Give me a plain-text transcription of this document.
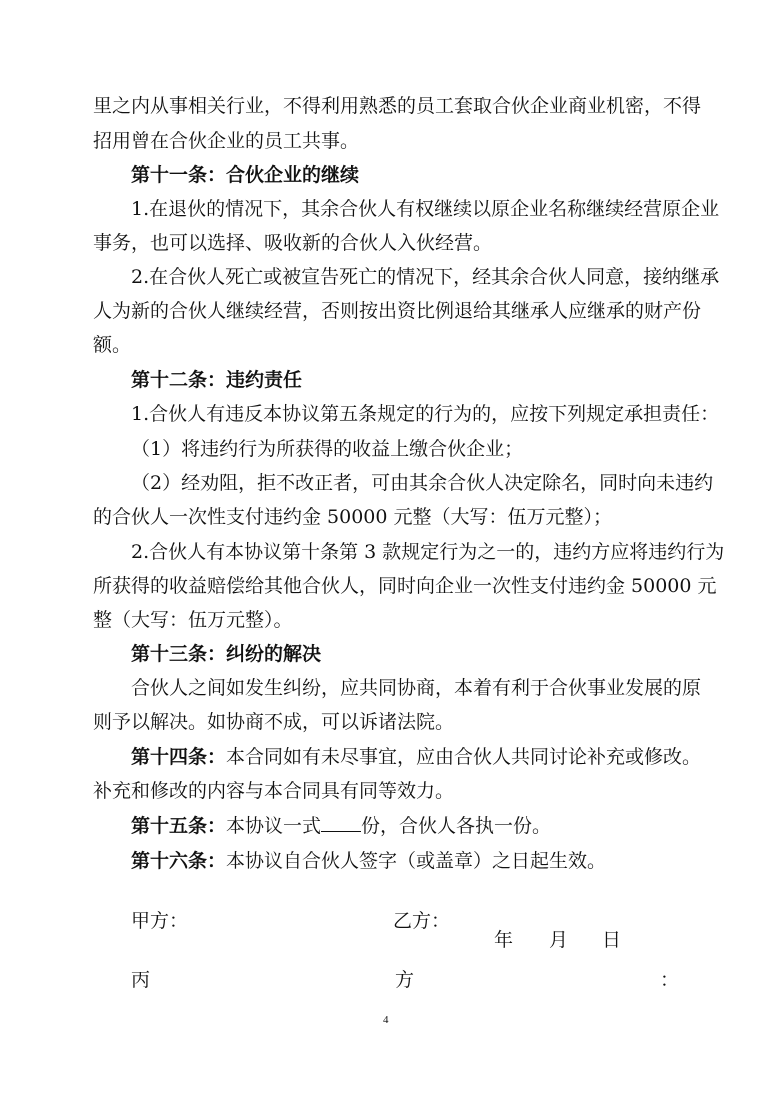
里之内从事相关行业，不得利用熟悉的员工套取合伙企业商业机密，不得
招用曾在合伙企业的员工共事。
第十一条：合伙企业的继续
1.在退伙的情况下，其余合伙人有权继续以原企业名称继续经营原企业
事务，也可以选择、吸收新的合伙人入伙经营。
2.在合伙人死亡或被宣告死亡的情况下，经其余合伙人同意，接纳继承
人为新的合伙人继续经营，否则按出资比例退给其继承人应继承的财产份
额。
第十二条：违约责任
1.合伙人有违反本协议第五条规定的行为的，应按下列规定承担责任：
（1）将违约行为所获得的收益上缴合伙企业；
（2）经劝阻，拒不改正者，可由其余合伙人决定除名，同时向未违约
的合伙人一次性支付违约金 50000 元整（大写：伍万元整）；
2.合伙人有本协议第十条第 3 款规定行为之一的，违约方应将违约行为
所获得的收益赔偿给其他合伙人，同时向企业一次性支付违约金 50000 元
整（大写：伍万元整）。
第十三条：纠纷的解决
合伙人之间如发生纠纷，应共同协商，本着有利于合伙事业发展的原
则予以解决。如协商不成，可以诉诸法院。
第十四条：本合同如有未尽事宜，应由合伙人共同讨论补充或修改。
补充和修改的内容与本合同具有同等效力。
第十五条：本协议一式 份，合伙人各执一份。
第十六条：本协议自合伙人签字（或盖章）之日起生效。
甲方：	乙方：
丙	方	：
年 月 日
4
